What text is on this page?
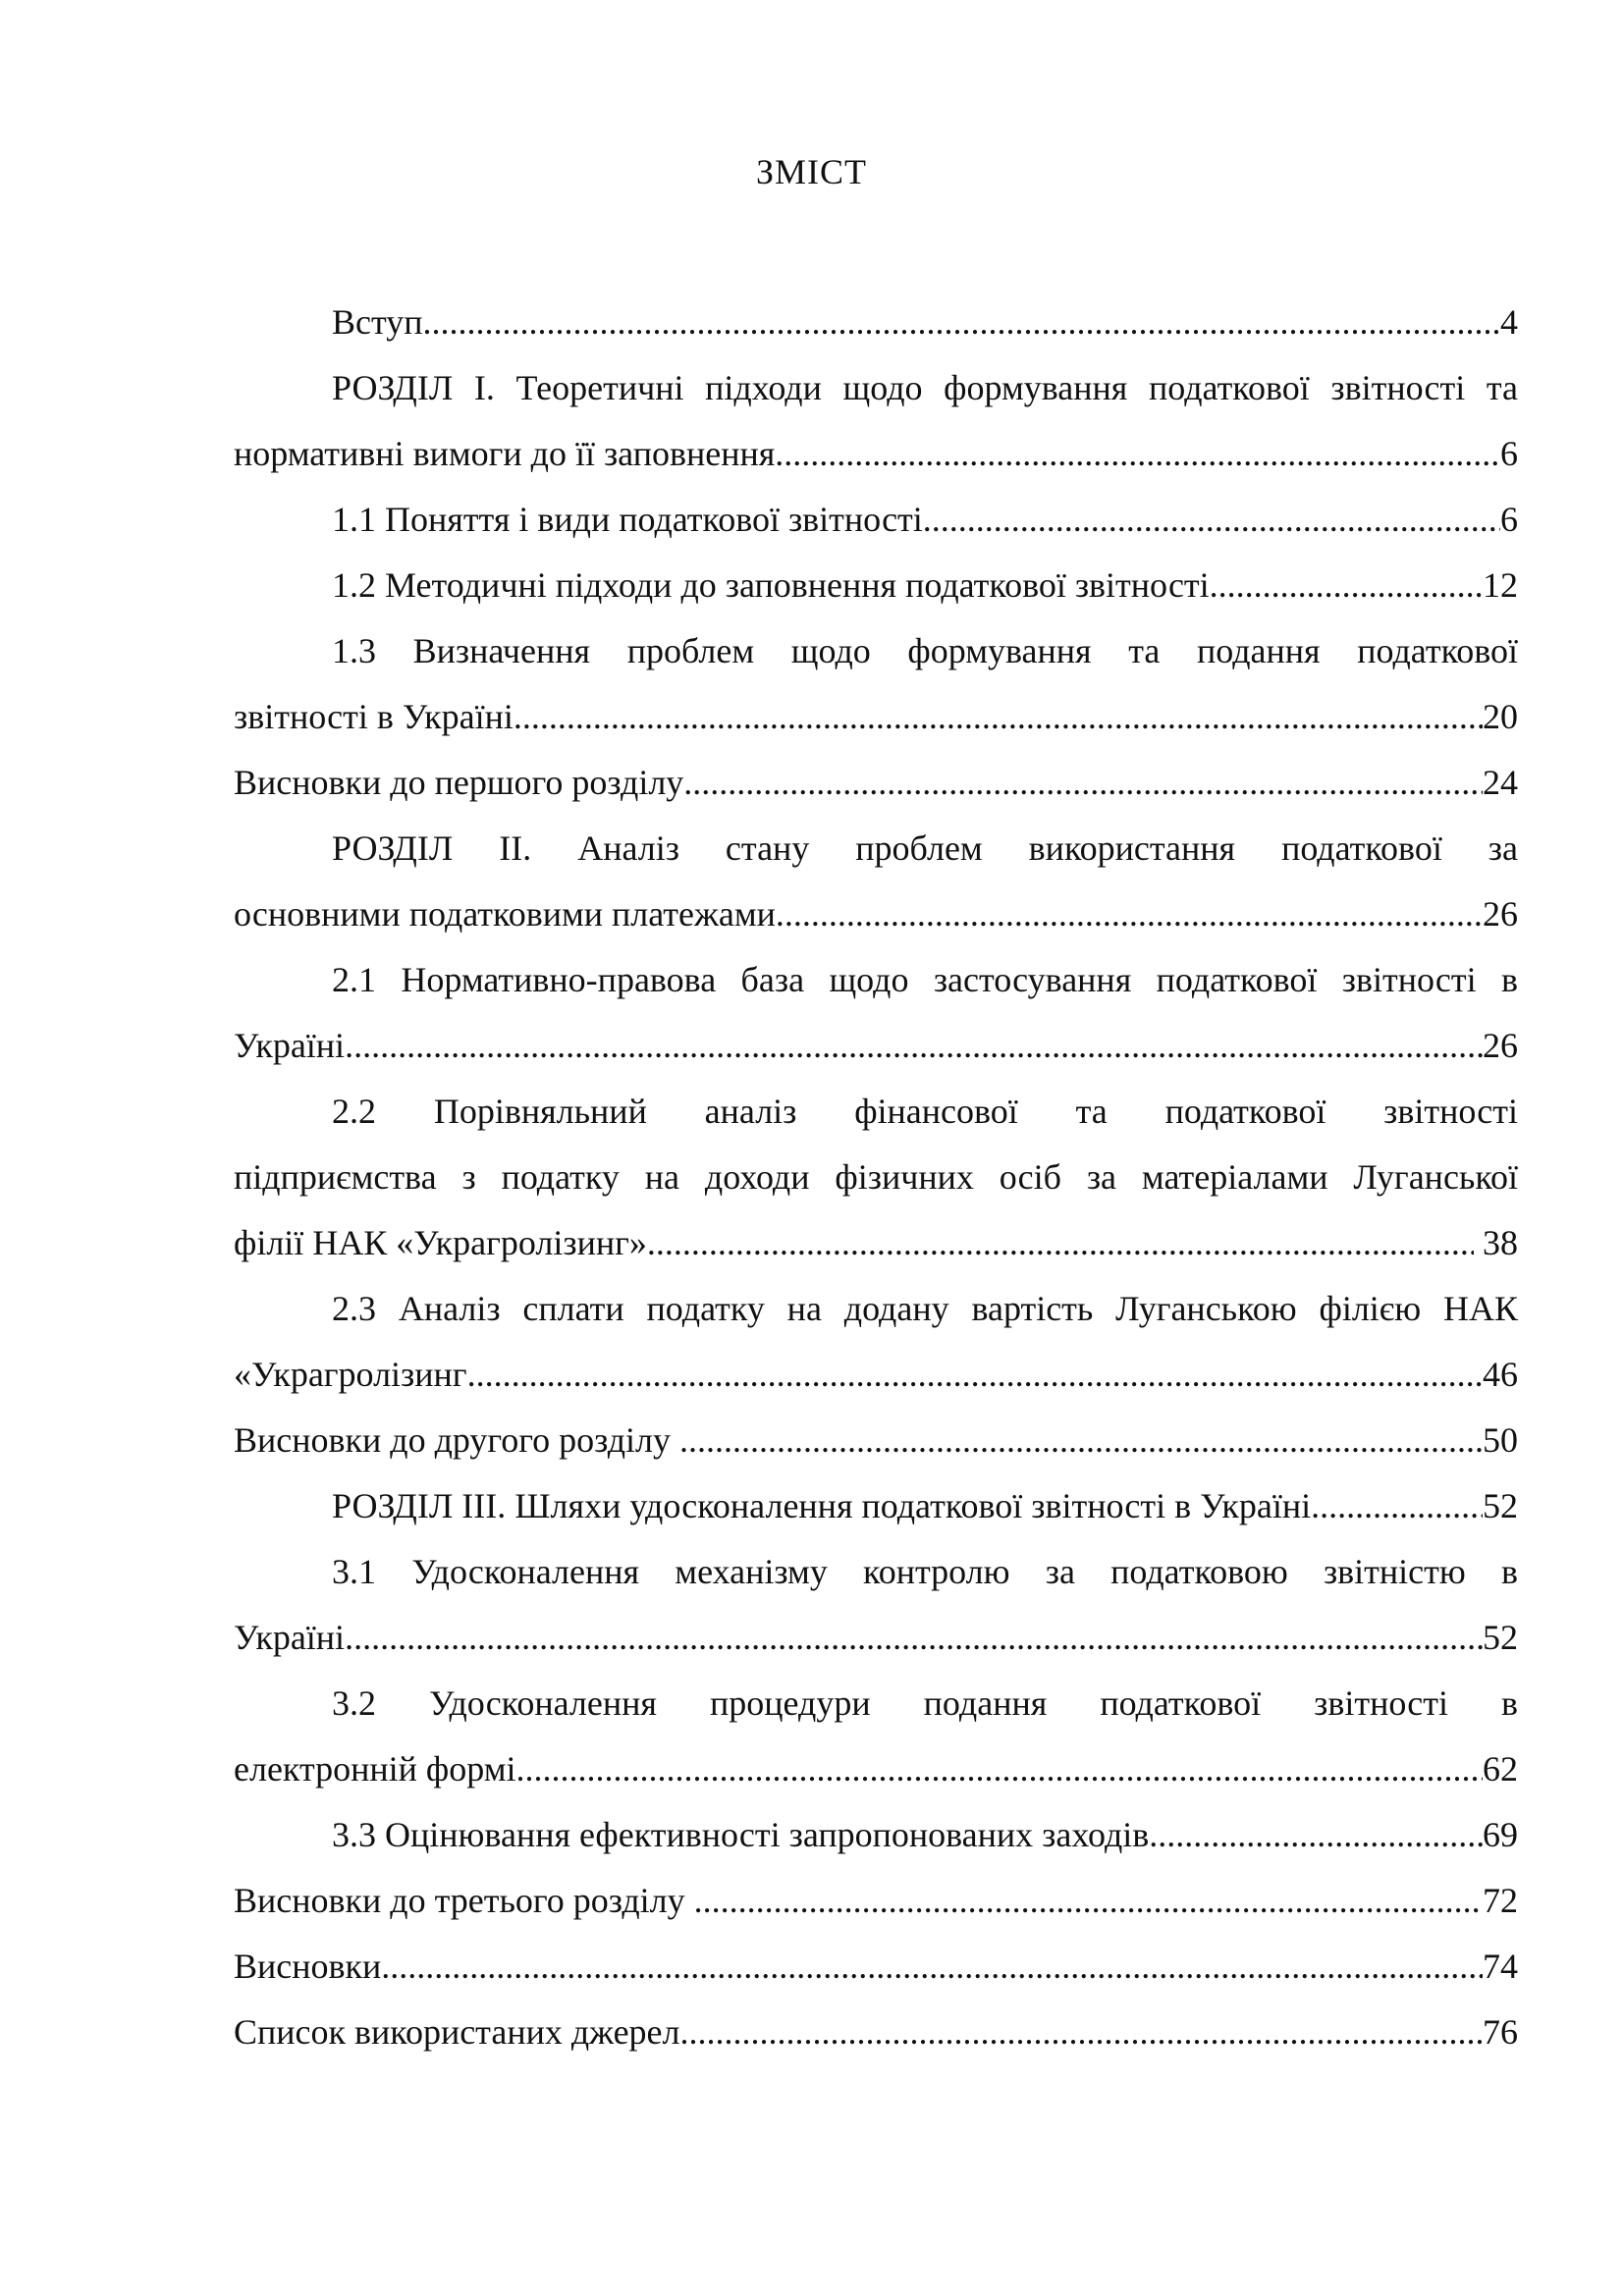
ЗМІСТ
Вступ .....	4
РОЗДІЛ І. Теоретичні підходи щодо формування податкової звітності та
нормативні вимоги до її заповнення .....	6
1.1 Поняття і види податкової звітності .....	6
1.2 Методичні підходи до заповнення податкової звітності .....	12
1.3 Визначення проблем щодо формування та подання податкової
звітності в Україні .....	20
Висновки до першого розділу .....	24
РОЗДІЛ ІІ. Аналіз стану проблем використання податкової за
основними податковими платежами .....	26
2.1 Нормативно-правова база щодо застосування податкової звітності в
Україні .....	26
2.2 Порівняльний аналіз фінансової та податкової звітності
підприємства з податку на доходи фізичних осіб за матеріалами Луганської
філії НАК «Украгролізинг» .....	38
2.3 Аналіз сплати податку на додану вартість Луганською філією НАК
«Украгролізинг .....	46
Висновки до другого розділу .....	50
РОЗДІЛ ІІІ. Шляхи удосконалення податкової звітності в Україні .....	52
3.1 Удосконалення механізму контролю за податковою звітністю в
Україні .....	52
3.2 Удосконалення процедури подання податкової звітності в
електронній формі .....	62
3.3 Оцінювання ефективності запропонованих заходів .....	69
Висновки до третього розділу .....	72
Висновки .....	74
Список використаних джерел .....	76
